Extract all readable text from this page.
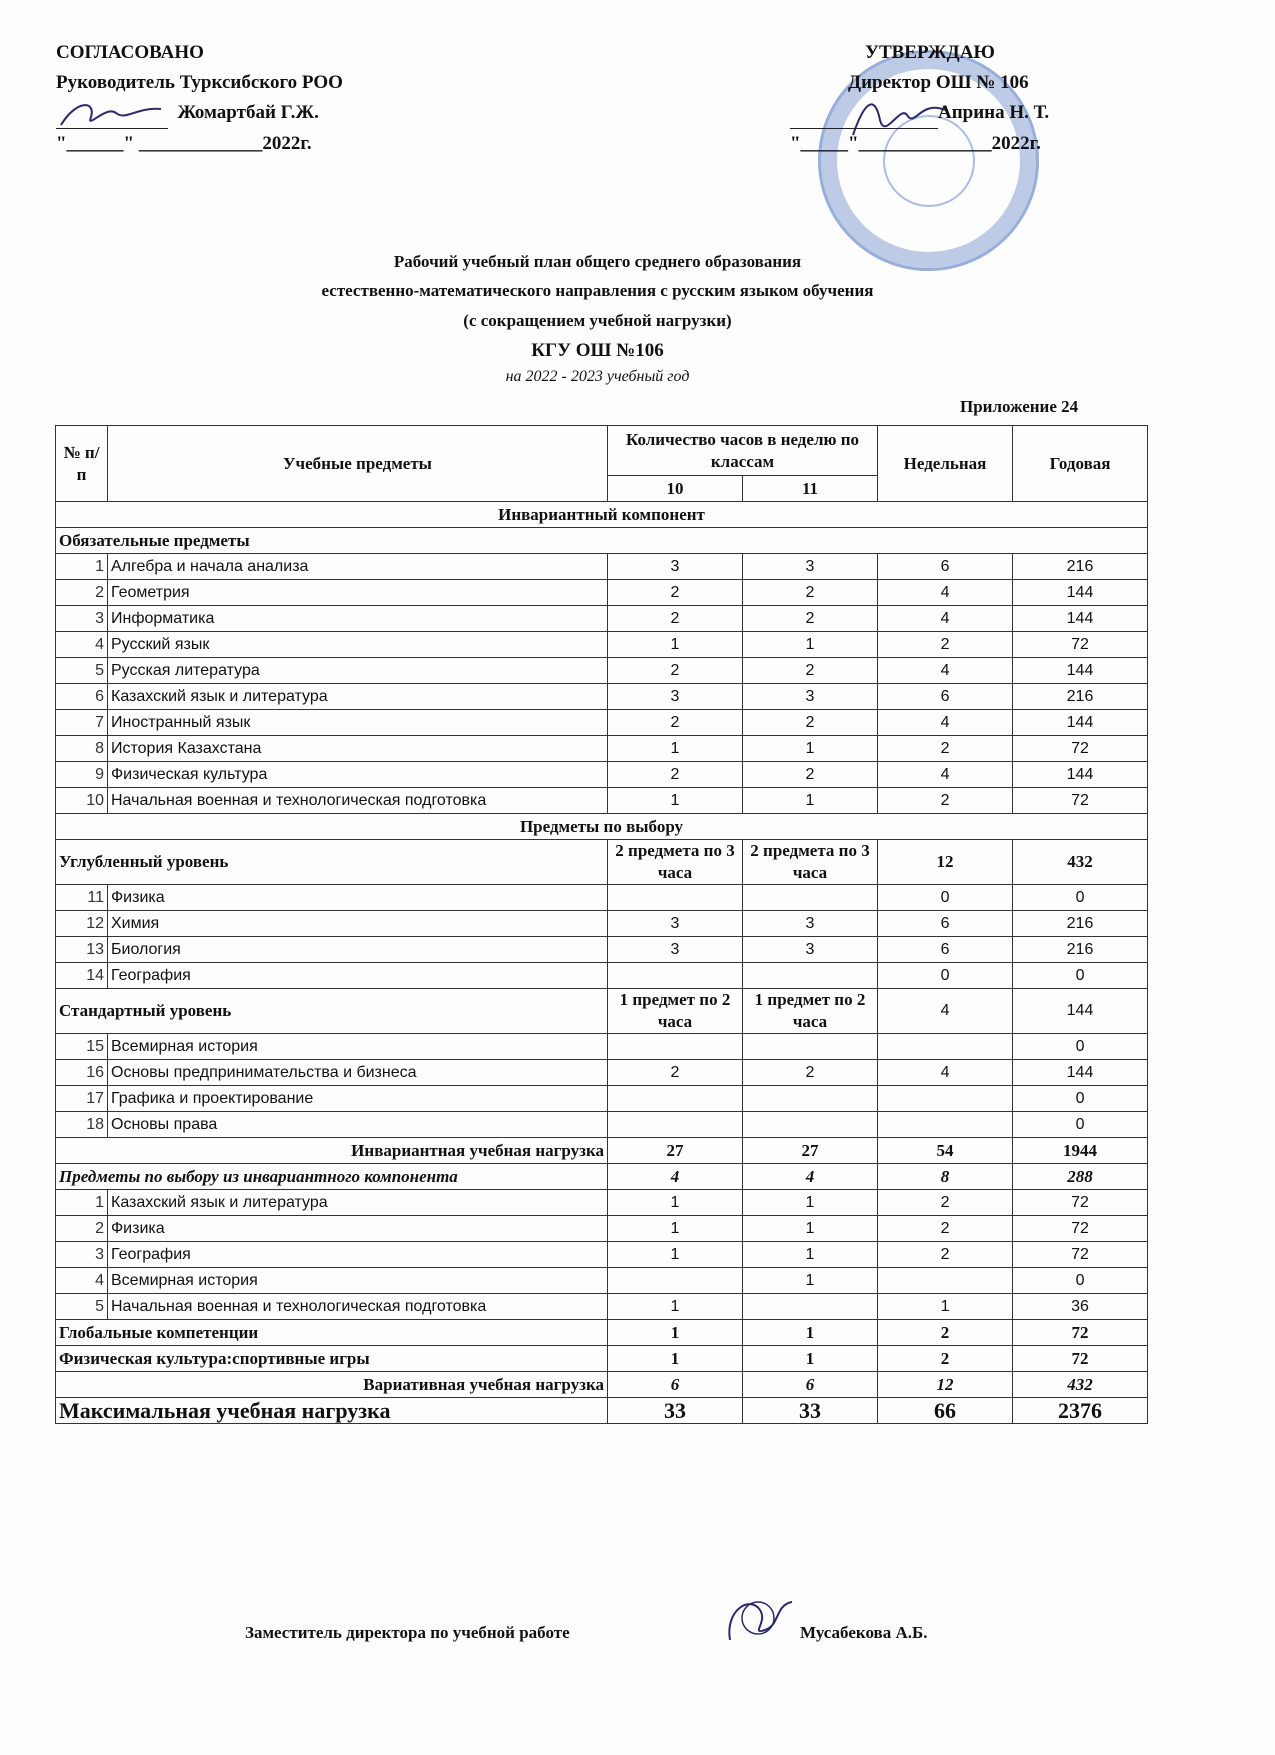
СОГЛАСОВАНО
Руководитель Турксибского РОО
Жомартбай Г.Ж.
"______" _____________2022г.
УТВЕРЖДАЮ
Директор ОШ № 106
Априна Н. Т.
"_____"______________2022г.
Рабочий учебный план общего среднего образования
естественно-математического направления с русским языком обучения
(с сокращением учебной нагрузки)
КГУ ОШ №106
на 2022 - 2023 учебный год
Приложение 24
№ п/п	Учебные предметы	Количество часов в неделю по классам		Недельная	Годовая
		10	11		
Инвариантный компонент					
Обязательные предметы					
1	Алгебра и начала анализа	3	3	6	216
2	Геометрия	2	2	4	144
3	Информатика	2	2	4	144
4	Русский язык	1	1	2	72
5	Русская литература	2	2	4	144
6	Казахский язык и литература	3	3	6	216
7	Иностранный язык	2	2	4	144
8	История Казахстана	1	1	2	72
9	Физическая культура	2	2	4	144
10	Начальная военная и технологическая подготовка	1	1	2	72
Предметы по выбору					
Углубленный уровень		2 предмета по 3 часа	2 предмета по 3 часа	12	432
11	Физика			0	0
12	Химия	3	3	6	216
13	Биология	3	3	6	216
14	География			0	0
Стандартный уровень		1 предмет по 2 часа	1 предмет по 2 часа	4	144
15	Всемирная история				0
16	Основы предпринимательства и бизнеса	2	2	4	144
17	Графика и проектирование				0
18	Основы права				0
Инвариантная учебная нагрузка		27	27	54	1944
Предметы по выбору из инвариантного компонента		4	4	8	288
1	Казахский язык и литература	1	1	2	72
2	Физика	1	1	2	72
3	География	1	1	2	72
4	Всемирная история		1		0
5	Начальная военная и технологическая подготовка	1		1	36
Глобальные компетенции		1	1	2	72
Физическая культура:спортивные игры		1	1	2	72
Вариативная учебная нагрузка		6	6	12	432
Максимальная учебная нагрузка		33	33	66	2376
Заместитель директора по учебной работе	Мусабекова А.Б.
